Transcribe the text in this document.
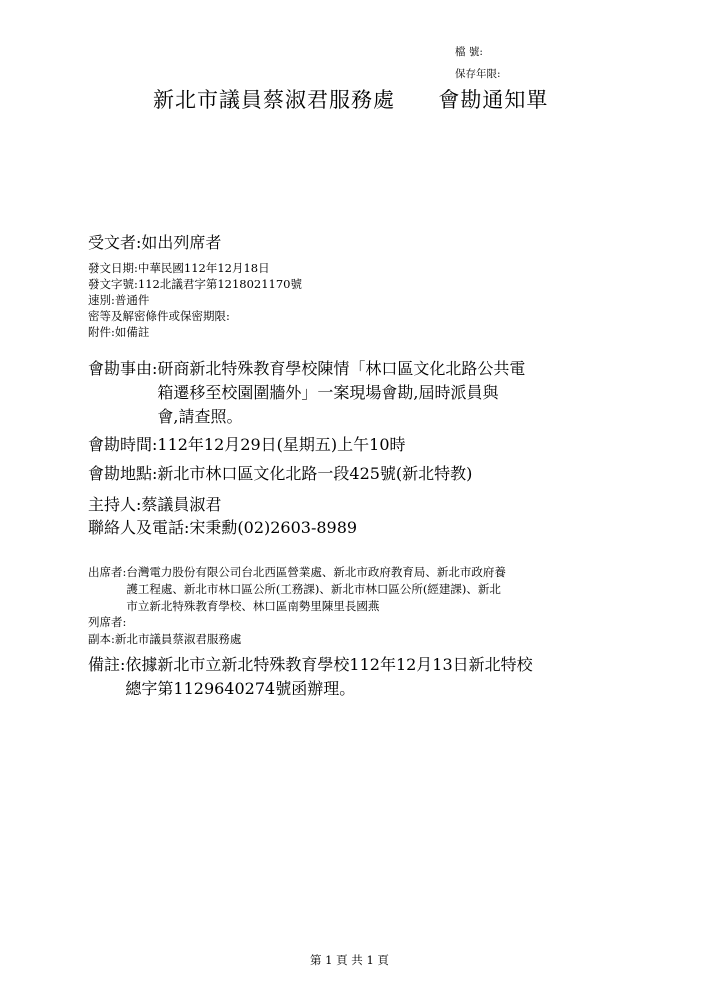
檔 號:
保存年限:
新北市議員蔡淑君服務處 會勘通知單
受文者:如出列席者
發文日期:中華民國112年12月18日
發文字號:112北議君字第1218021170號
速別:普通件
密等及解密條件或保密期限:
附件:如備註
會勘事由: 研商新北特殊教育學校陳情「林口區文化北路公共電
箱遷移至校園圍牆外」一案現場會勘,屆時派員與
會,請查照。
會勘時間:112年12月29日(星期五)上午10時
會勘地點:新北市林口區文化北路一段425號(新北特教)
主持人:蔡議員淑君
聯絡人及電話:宋秉勳(02)2603-8989
出席者: 台灣電力股份有限公司台北西區營業處、新北市政府教育局、新北市政府養
護工程處、新北市林口區公所(工務課)、新北市林口區公所(經建課)、新北
市立新北特殊教育學校、林口區南勢里陳里長國燕
列席者:
副本:新北市議員蔡淑君服務處
備註: 依據新北市立新北特殊教育學校112年12月13日新北特校
總字第1129640274號函辦理。
第 1 頁 共 1 頁
